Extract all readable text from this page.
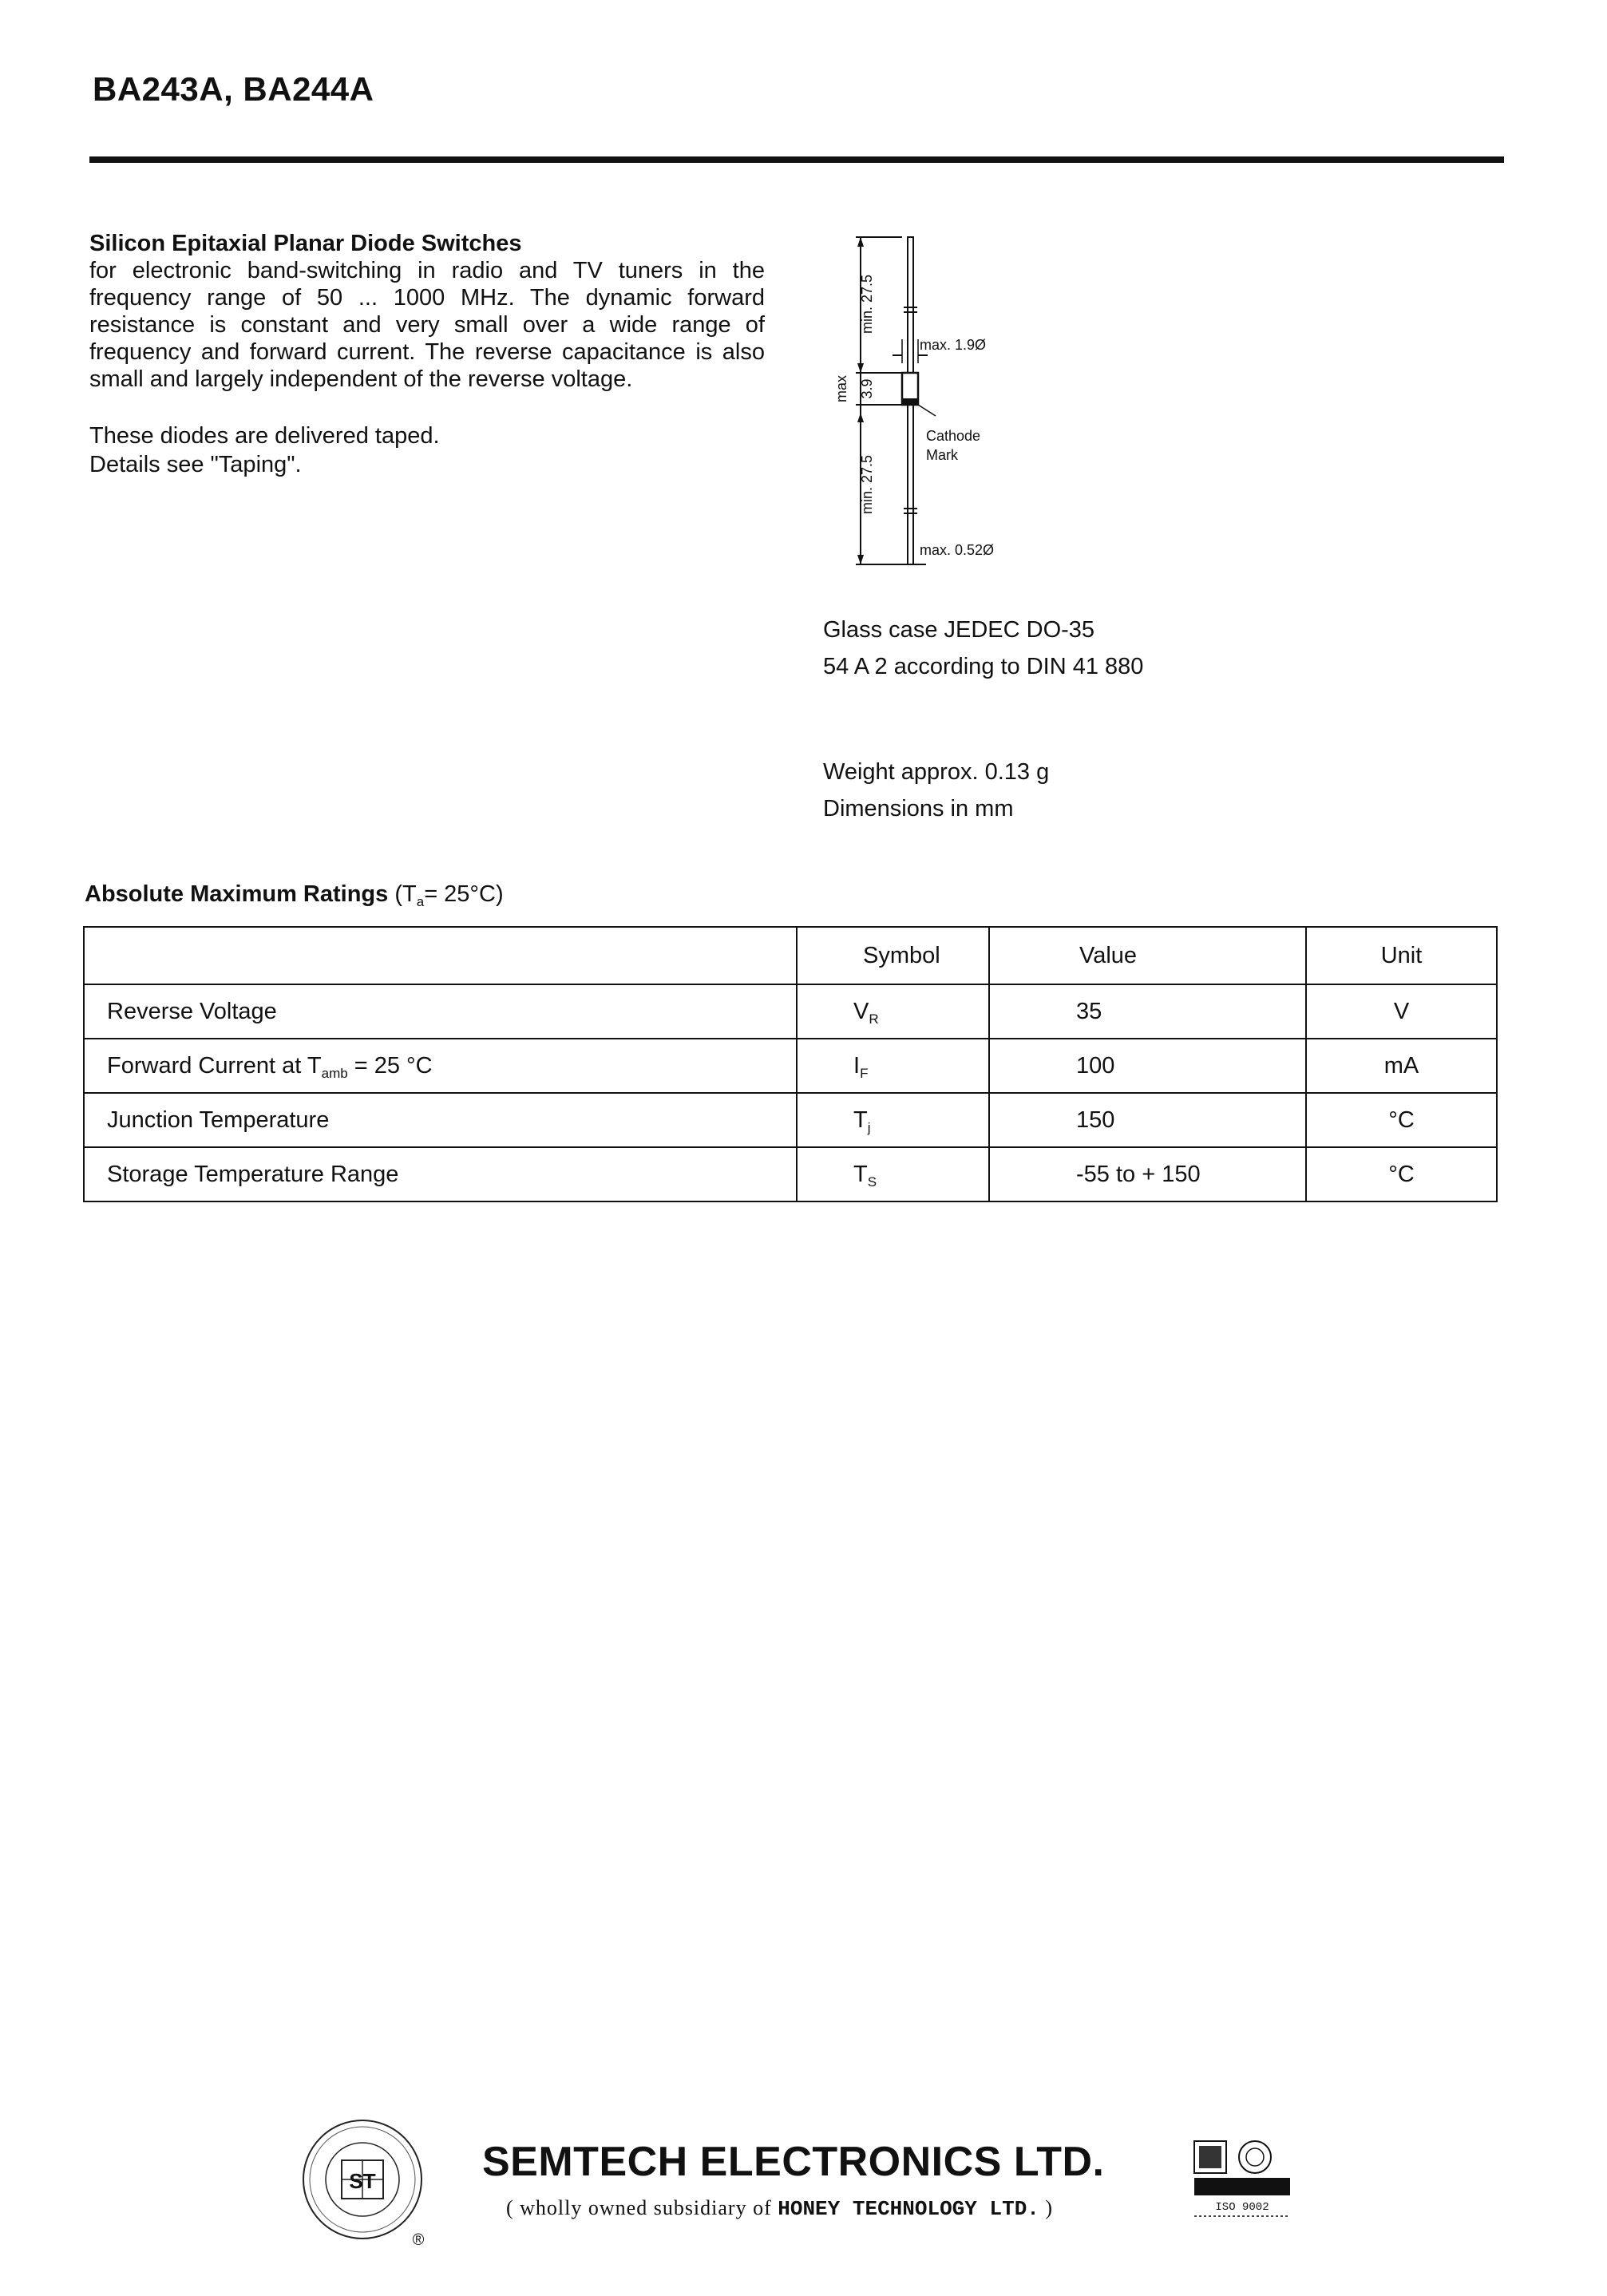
BA243A, BA244A
Silicon Epitaxial Planar Diode Switches
for electronic band-switching in radio and TV tuners in the frequency range of 50 ... 1000 MHz. The dynamic forward resistance is constant and very small over a wide range of frequency and forward current. The reverse capacitance is also small and largely independent of the reverse voltage.
These diodes are delivered taped.
Details see "Taping".
min. 27.5
max 3.9
min. 27.5
max. 1.9Ø
Cathode
Mark
max. 0.52Ø
Glass case JEDEC DO-35
54 A 2 according to DIN 41 880
Weight approx. 0.13 g
Dimensions in mm
Absolute Maximum Ratings $(T_a= 25^\circ C)$
	Symbol	Value	Unit
Reverse Voltage	$V_R$	35	V
Forward Current at $T_{amb} = 25$ °C	$I_F$	100	mA
Junction Temperature	$T_j$	150	°C
Storage Temperature Range	$T_S$	-55 to + 150	°C
ST
®
SEMTECH ELECTRONICS LTD.
( wholly owned subsidiary of HONEY TECHNOLOGY LTD. )	ISO 9002
